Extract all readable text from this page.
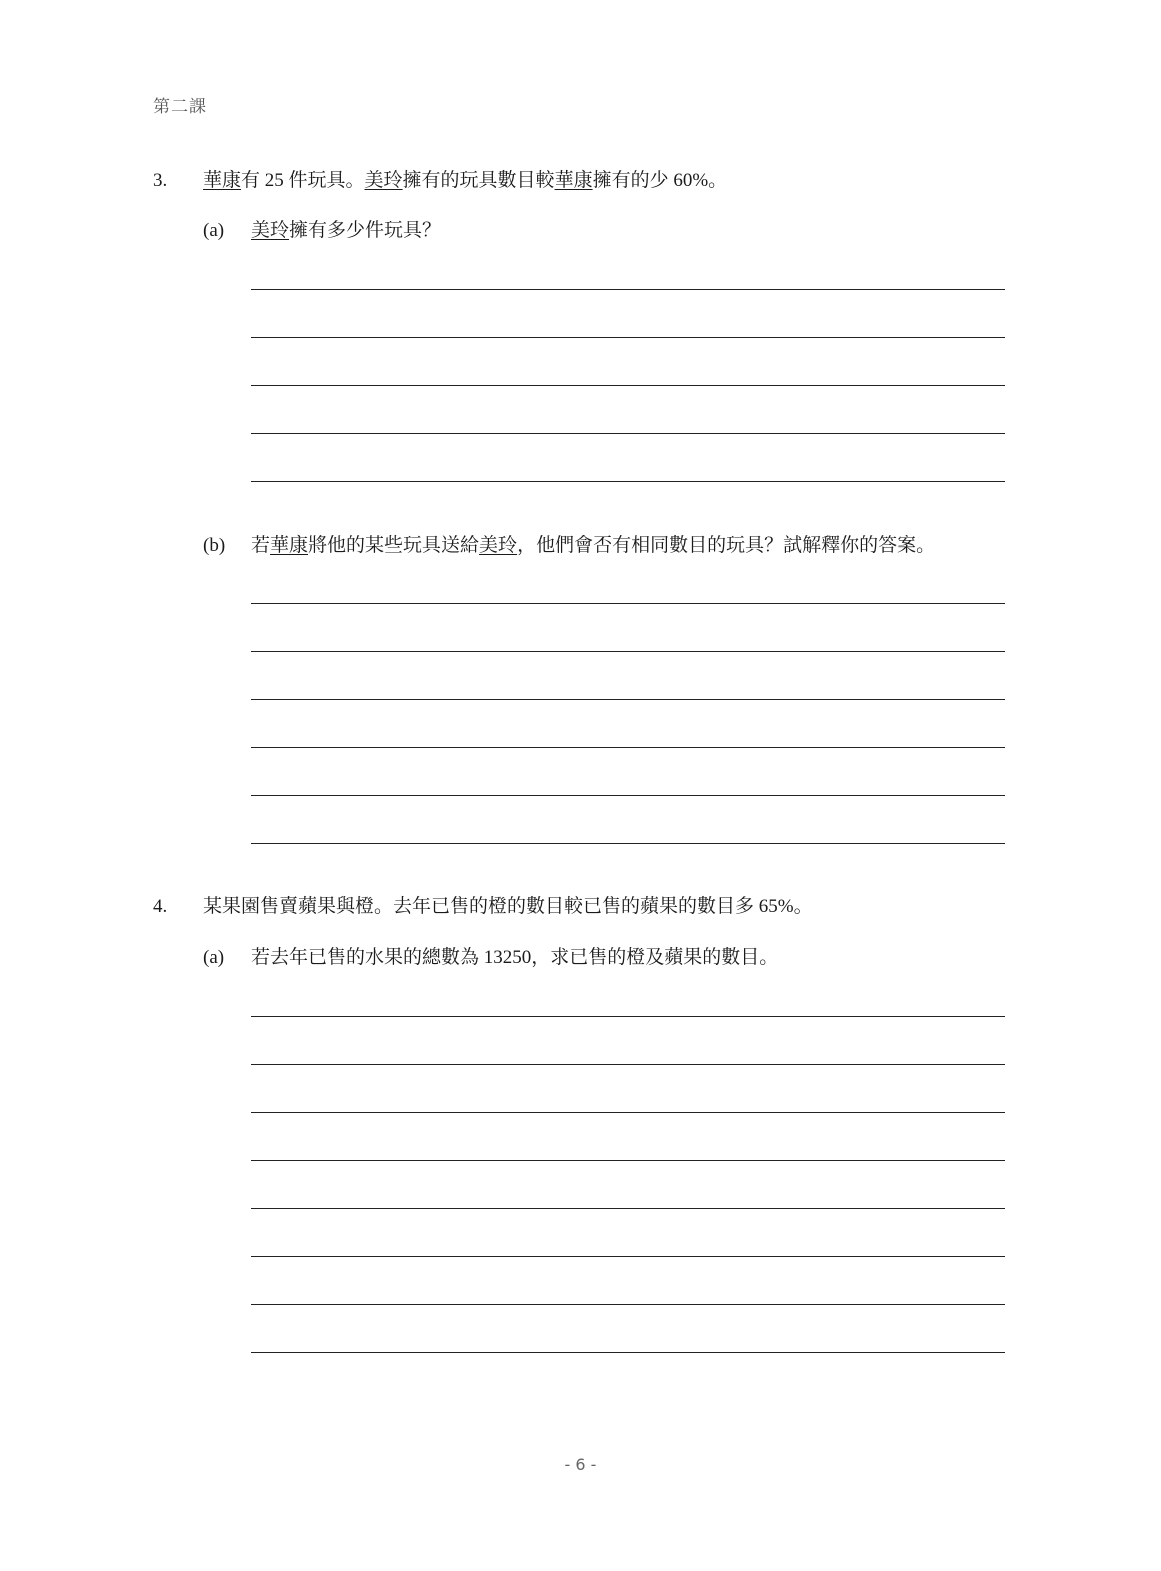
第二課
3. 華康有 25 件玩具。美玲擁有的玩具數目較華康擁有的少 60%。
(a) 美玲擁有多少件玩具？
(b) 若華康將他的某些玩具送給美玲，他們會否有相同數目的玩具？試解釋你的答案。
4. 某果園售賣蘋果與橙。去年已售的橙的數目較已售的蘋果的數目多 65%。
(a) 若去年已售的水果的總數為 13250，求已售的橙及蘋果的數目。
- 6 -
